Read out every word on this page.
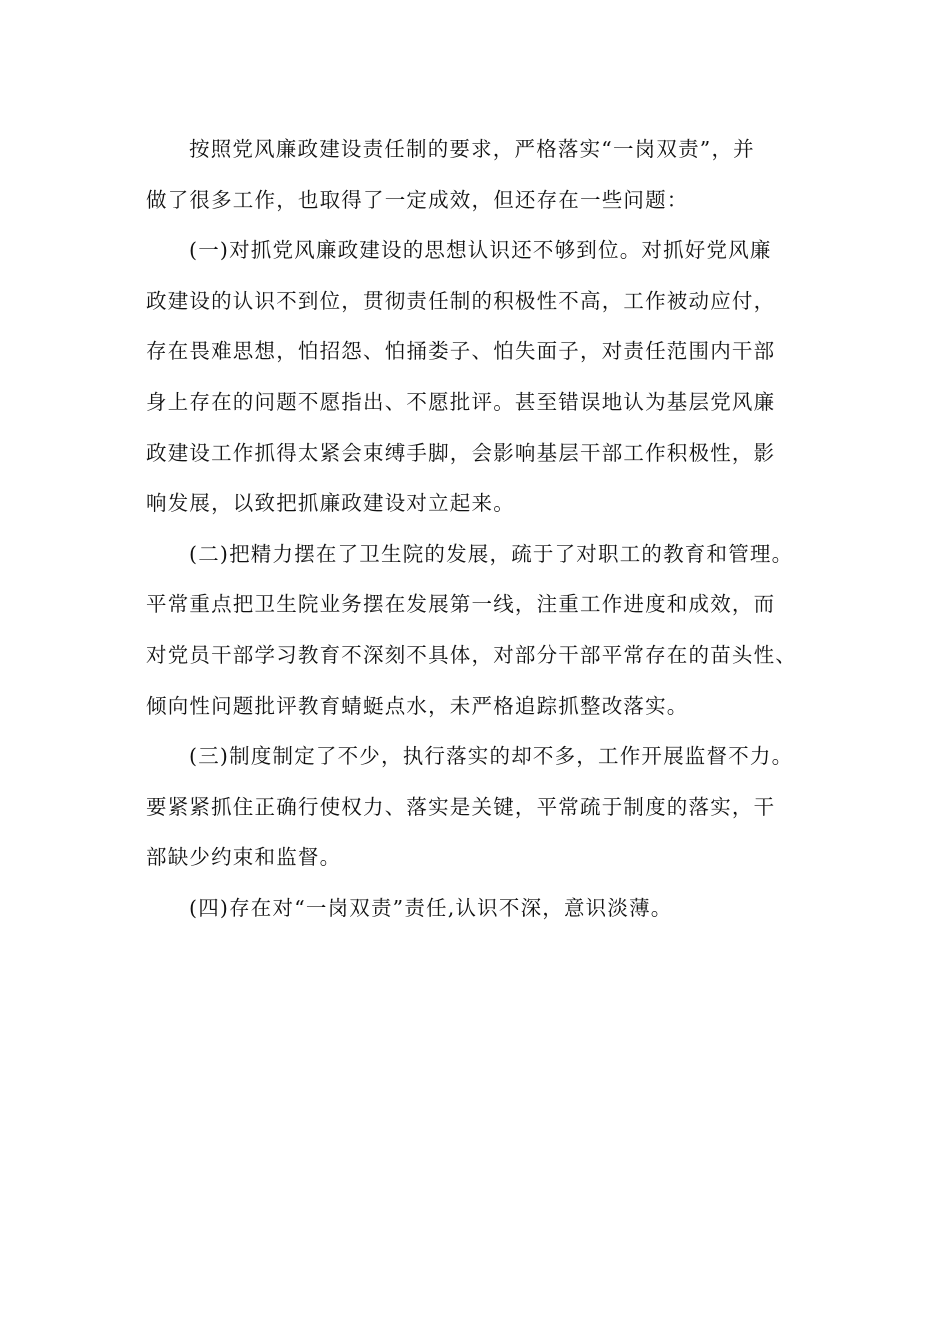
按照党风廉政建设责任制的要求，严格落实“一岗双责”，并
做了很多工作，也取得了一定成效，但还存在一些问题：

(一)对抓党风廉政建设的思想认识还不够到位。对抓好党风廉
政建设的认识不到位，贯彻责任制的积极性不高，工作被动应付，
存在畏难思想，怕招怨、怕捅娄子、怕失面子，对责任范围内干部
身上存在的问题不愿指出、不愿批评。甚至错误地认为基层党风廉
政建设工作抓得太紧会束缚手脚，会影响基层干部工作积极性，影
响发展，以致把抓廉政建设对立起来。

(二)把精力摆在了卫生院的发展，疏于了对职工的教育和管理。
平常重点把卫生院业务摆在发展第一线，注重工作进度和成效，而
对党员干部学习教育不深刻不具体，对部分干部平常存在的苗头性、
倾向性问题批评教育蜻蜓点水，未严格追踪抓整改落实。

(三)制度制定了不少，执行落实的却不多，工作开展监督不力。
要紧紧抓住正确行使权力、落实是关键，平常疏于制度的落实，干
部缺少约束和监督。

(四)存在对“一岗双责”责任,认识不深，意识淡薄。
